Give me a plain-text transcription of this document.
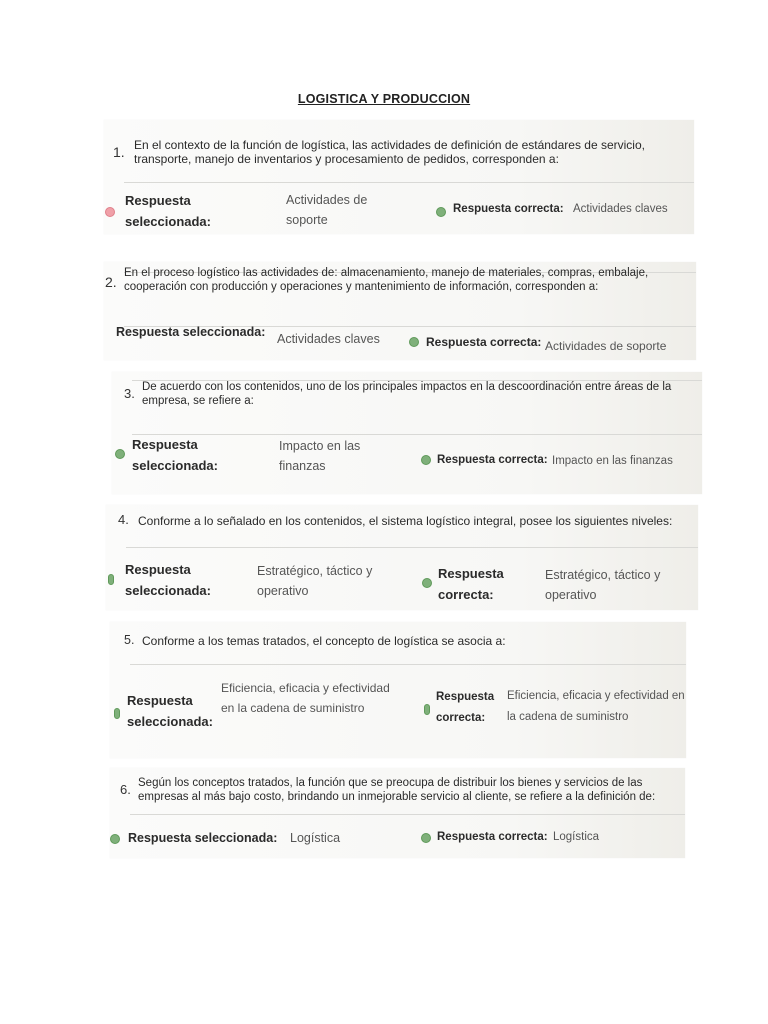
LOGISTICA Y PRODUCCION
1. En el contexto de la función de logística, las actividades de definición de estándares de servicio, transporte, manejo de inventarios y procesamiento de pedidos, corresponden a:
Respuesta seleccionada:
Actividades de soporte
Respuesta correcta: Actividades claves
2.
En el proceso logístico las actividades de: almacenamiento, manejo de materiales, compras, embalaje, cooperación con producción y operaciones y mantenimiento de información, corresponden a:
Respuesta seleccionada: Actividades claves	Respuesta correcta: Actividades de soporte
3. De acuerdo con los contenidos, uno de los principales impactos en la descoordinación entre áreas de la empresa, se refiere a:
Respuesta seleccionada:
Impacto en las finanzas	Respuesta correcta: Impacto en las finanzas
4. Conforme a lo señalado en los contenidos, el sistema logístico integral, posee los siguientes niveles:
Respuesta seleccionada:
Estratégico, táctico y operativo
Respuesta correcta:
Estratégico, táctico y operativo
5. Conforme a los temas tratados, el concepto de logística se asocia a:
Respuesta seleccionada:
Eficiencia, eficacia y efectividad en la cadena de suministro
Respuesta correcta:
Eficiencia, eficacia y efectividad en la cadena de suministro
6. Según los conceptos tratados, la función que se preocupa de distribuir los bienes y servicios de las empresas al más bajo costo, brindando un inmejorable servicio al cliente, se refiere a la definición de:
Respuesta seleccionada:	Logística	Respuesta correcta: Logística
